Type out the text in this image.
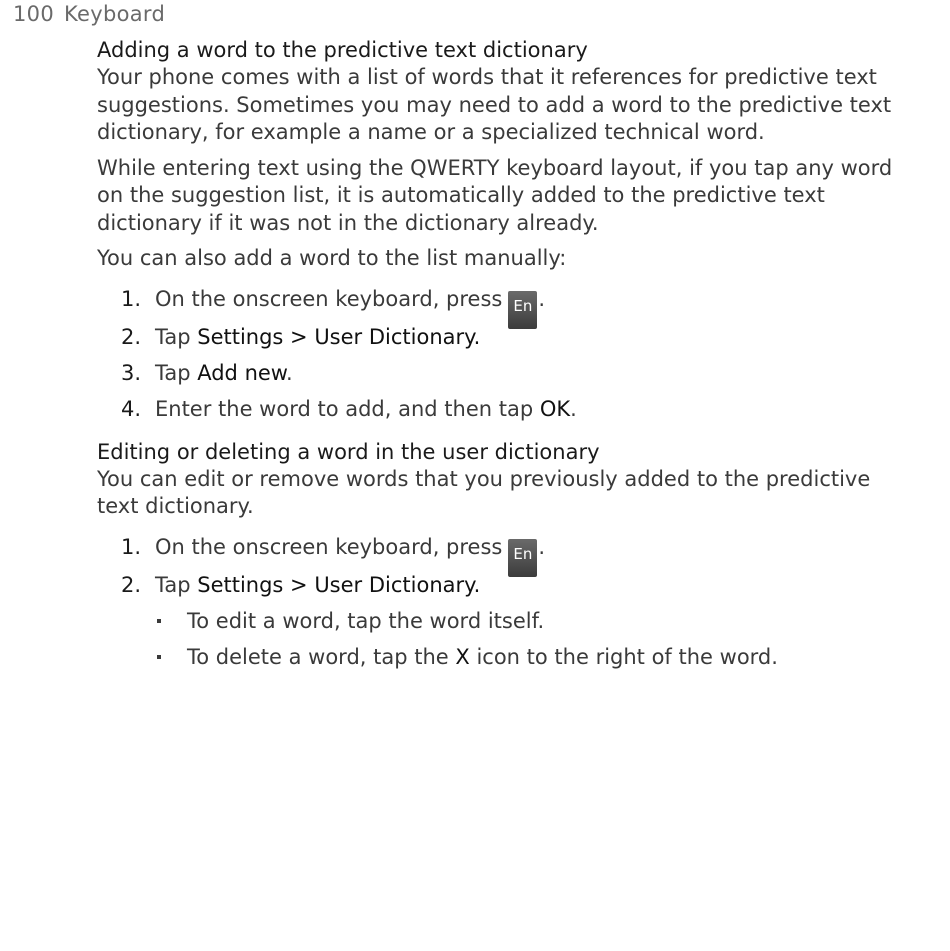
100 Keyboard
Adding a word to the predictive text dictionary

Your phone comes with a list of words that it references for predictive text suggestions. Sometimes you may need to add a word to the predictive text dictionary, for example a name or a specialized technical word.

While entering text using the QWERTY keyboard layout, if you tap any word on the suggestion list, it is automatically added to the predictive text dictionary if it was not in the dictionary already.

You can also add a word to the list manually:

1. On the onscreen keyboard, press En .
2. Tap Settings > User Dictionary.
3. Tap Add new.
4. Enter the word to add, and then tap OK.
Editing or deleting a word in the user dictionary

You can edit or remove words that you previously added to the predictive text dictionary.

1. On the onscreen keyboard, press En .
2. Tap Settings > User Dictionary.
To edit a word, tap the word itself.
To delete a word, tap the X icon to the right of the word.
